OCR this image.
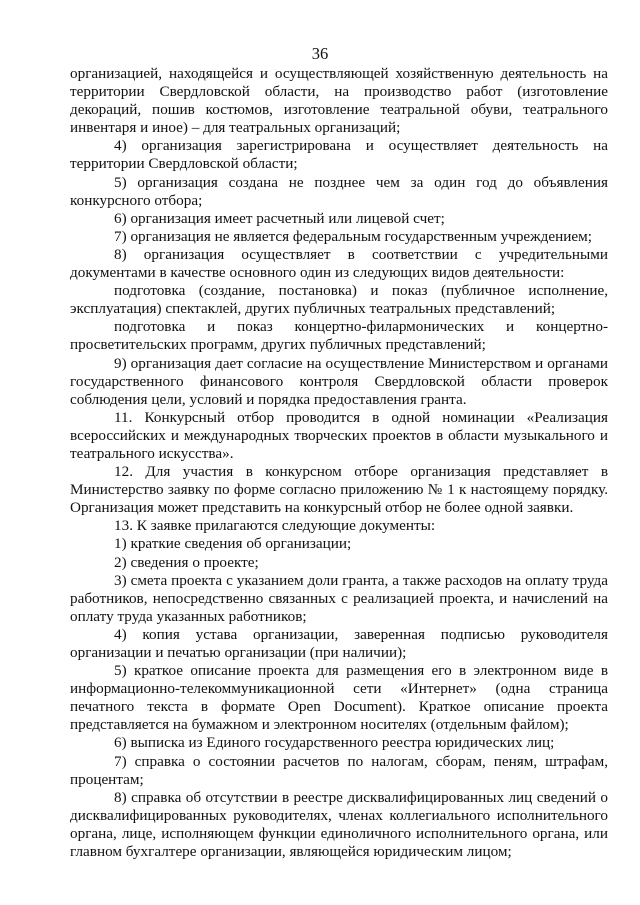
36

организацией, находящейся и осуществляющей хозяйственную деятельность на территории Свердловской области, на производство работ (изготовление декораций, пошив костюмов, изготовление театральной обуви, театрального инвентаря и иное) – для театральных организаций;

4) организация зарегистрирована и осуществляет деятельность на территории Свердловской области;

5) организация создана не позднее чем за один год до объявления конкурсного отбора;

6) организация имеет расчетный или лицевой счет;

7) организация не является федеральным государственным учреждением;

8) организация осуществляет в соответствии с учредительными документами в качестве основного один из следующих видов деятельности:

подготовка (создание, постановка) и показ (публичное исполнение, эксплуатация) спектаклей, других публичных театральных представлений;

подготовка и показ концертно-филармонических и концертно-просветительских программ, других публичных представлений;

9) организация дает согласие на осуществление Министерством и органами государственного финансового контроля Свердловской области проверок соблюдения цели, условий и порядка предоставления гранта.

11. Конкурсный отбор проводится в одной номинации «Реализация всероссийских и международных творческих проектов в области музыкального и театрального искусства».

12. Для участия в конкурсном отборе организация представляет в Министерство заявку по форме согласно приложению № 1 к настоящему порядку. Организация может представить на конкурсный отбор не более одной заявки.

13. К заявке прилагаются следующие документы:

1) краткие сведения об организации;

2) сведения о проекте;

3) смета проекта с указанием доли гранта, а также расходов на оплату труда работников, непосредственно связанных с реализацией проекта, и начислений на оплату труда указанных работников;

4) копия устава организации, заверенная подписью руководителя организации и печатью организации (при наличии);

5) краткое описание проекта для размещения его в электронном виде в информационно-телекоммуникационной сети «Интернет» (одна страница печатного текста в формате Open Document). Краткое описание проекта представляется на бумажном и электронном носителях (отдельным файлом);

6) выписка из Единого государственного реестра юридических лиц;

7) справка о состоянии расчетов по налогам, сборам, пеням, штрафам, процентам;

8) справка об отсутствии в реестре дисквалифицированных лиц сведений о дисквалифицированных руководителях, членах коллегиального исполнительного органа, лице, исполняющем функции единоличного исполнительного органа, или главном бухгалтере организации, являющейся юридическим лицом;
